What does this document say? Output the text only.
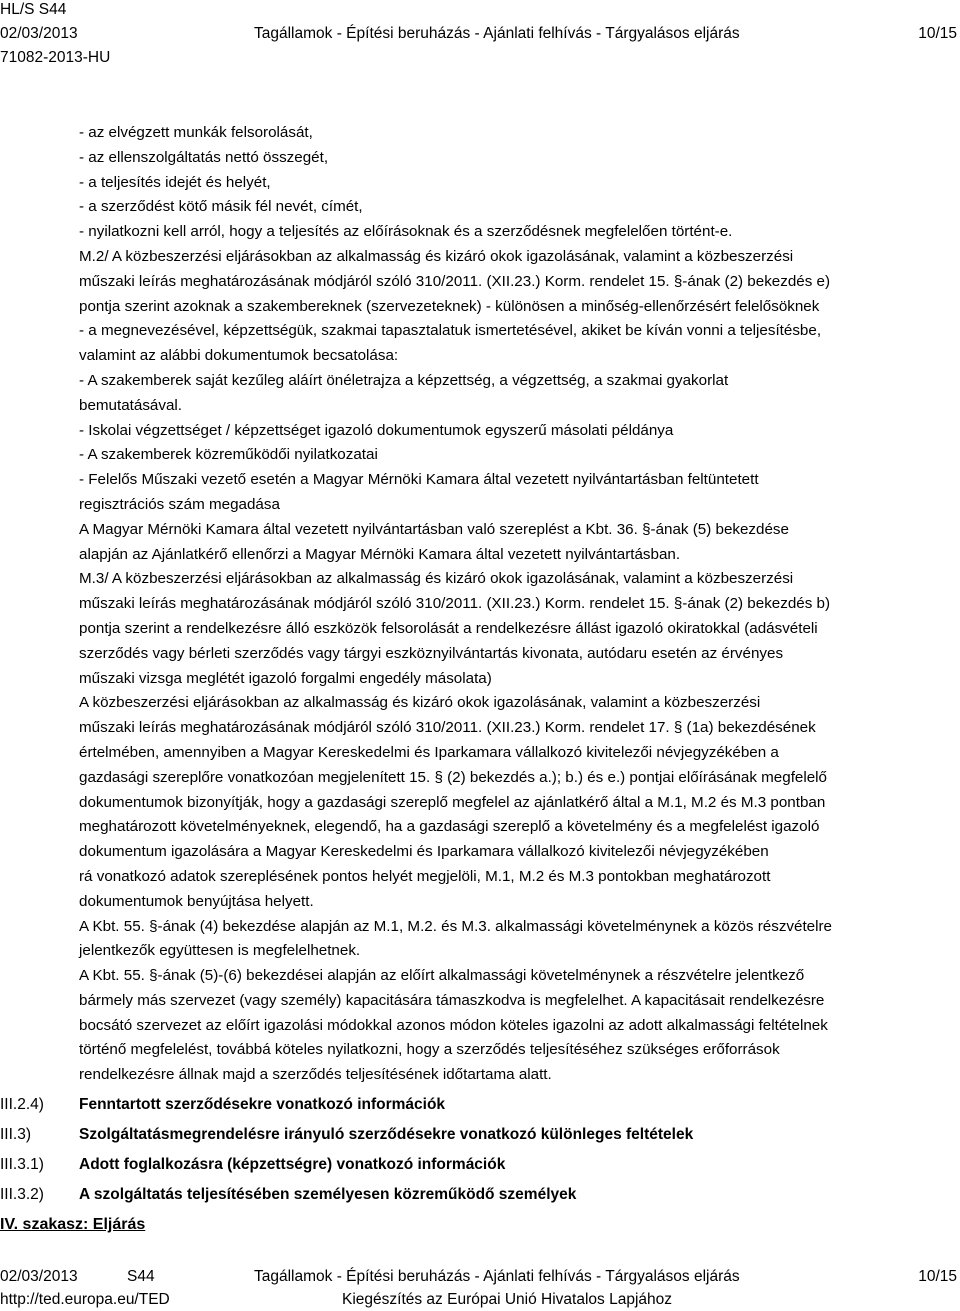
HL/S S44
02/03/2013
71082-2013-HU
Tagállamok - Építési beruházás - Ajánlati felhívás - Tárgyalásos eljárás	10/15

- az elvégzett munkák felsorolását,

- az ellenszolgáltatás nettó összegét,

- a teljesítés idejét és helyét,

- a szerződést kötő másik fél nevét, címét,

- nyilatkozni kell arról, hogy a teljesítés az előírásoknak és a szerződésnek megfelelően történt-e.

M.2/ A közbeszerzési eljárásokban az alkalmasság és kizáró okok igazolásának, valamint a közbeszerzési

műszaki leírás meghatározásának módjáról szóló 310/2011. (XII.23.) Korm. rendelet 15. §-ának (2) bekezdés e)

pontja szerint azoknak a szakembereknek (szervezeteknek) - különösen a minőség-ellenőrzésért felelősöknek

- a megnevezésével, képzettségük, szakmai tapasztalatuk ismertetésével, akiket be kíván vonni a teljesítésbe,

valamint az alábbi dokumentumok becsatolása:

- A szakemberek saját kezűleg aláírt önéletrajza a képzettség, a végzettség, a szakmai gyakorlat

bemutatásával.

- Iskolai végzettséget / képzettséget igazoló dokumentumok egyszerű másolati példánya

- A szakemberek közreműködői nyilatkozatai

- Felelős Műszaki vezető esetén a Magyar Mérnöki Kamara által vezetett nyilvántartásban feltüntetett

regisztrációs szám megadása

A Magyar Mérnöki Kamara által vezetett nyilvántartásban való szereplést a Kbt. 36. §-ának (5) bekezdése

alapján az Ajánlatkérő ellenőrzi a Magyar Mérnöki Kamara által vezetett nyilvántartásban.

M.3/ A közbeszerzési eljárásokban az alkalmasság és kizáró okok igazolásának, valamint a közbeszerzési

műszaki leírás meghatározásának módjáról szóló 310/2011. (XII.23.) Korm. rendelet 15. §-ának (2) bekezdés b)

pontja szerint a rendelkezésre álló eszközök felsorolását a rendelkezésre állást igazoló okiratokkal (adásvételi

szerződés vagy bérleti szerződés vagy tárgyi eszköznyilvántartás kivonata, autódaru esetén az érvényes

műszaki vizsga meglétét igazoló forgalmi engedély másolata)

A közbeszerzési eljárásokban az alkalmasság és kizáró okok igazolásának, valamint a közbeszerzési

műszaki leírás meghatározásának módjáról szóló 310/2011. (XII.23.) Korm. rendelet 17. § (1a) bekezdésének

értelmében, amennyiben a Magyar Kereskedelmi és Iparkamara vállalkozó kivitelezői névjegyzékében a

gazdasági szereplőre vonatkozóan megjelenített 15. § (2) bekezdés a.); b.) és e.) pontjai előírásának megfelelő

dokumentumok bizonyítják, hogy a gazdasági szereplő megfelel az ajánlatkérő által a M.1, M.2 és M.3 pontban

meghatározott követelményeknek, elegendő, ha a gazdasági szereplő a követelmény és a megfelelést igazoló

dokumentum igazolására a Magyar Kereskedelmi és Iparkamara vállalkozó kivitelezői névjegyzékében

rá vonatkozó adatok szereplésének pontos helyét megjelöli, M.1, M.2 és M.3 pontokban meghatározott

dokumentumok benyújtása helyett.

A Kbt. 55. §-ának (4) bekezdése alapján az M.1, M.2. és M.3. alkalmassági követelménynek a közös részvételre

jelentkezők együttesen is megfelelhetnek.

A Kbt. 55. §-ának (5)-(6) bekezdései alapján az előírt alkalmassági követelménynek a részvételre jelentkező

bármely más szervezet (vagy személy) kapacitására támaszkodva is megfelelhet. A kapacitásait rendelkezésre

bocsátó szervezet az előírt igazolási módokkal azonos módon köteles igazolni az adott alkalmassági feltételnek

történő megfelelést, továbbá köteles nyilatkozni, hogy a szerződés teljesítéséhez szükséges erőforrások

rendelkezésre állnak majd a szerződés teljesítésének időtartama alatt.

III.2.4) Fenntartott szerződésekre vonatkozó információk
III.3)	Szolgáltatásmegrendelésre irányuló szerződésekre vonatkozó különleges feltételek
III.3.1) Adott foglalkozásra (képzettségre) vonatkozó információk
III.3.2) A szolgáltatás teljesítésében személyesen közreműködő személyek
IV. szakasz: Eljárás
02/03/2013	S44	Tagállamok - Építési beruházás - Ajánlati felhívás - Tárgyalásos eljárás	10/15
http://ted.europa.eu/TED	Kiegészítés az Európai Unió Hivatalos Lapjához
